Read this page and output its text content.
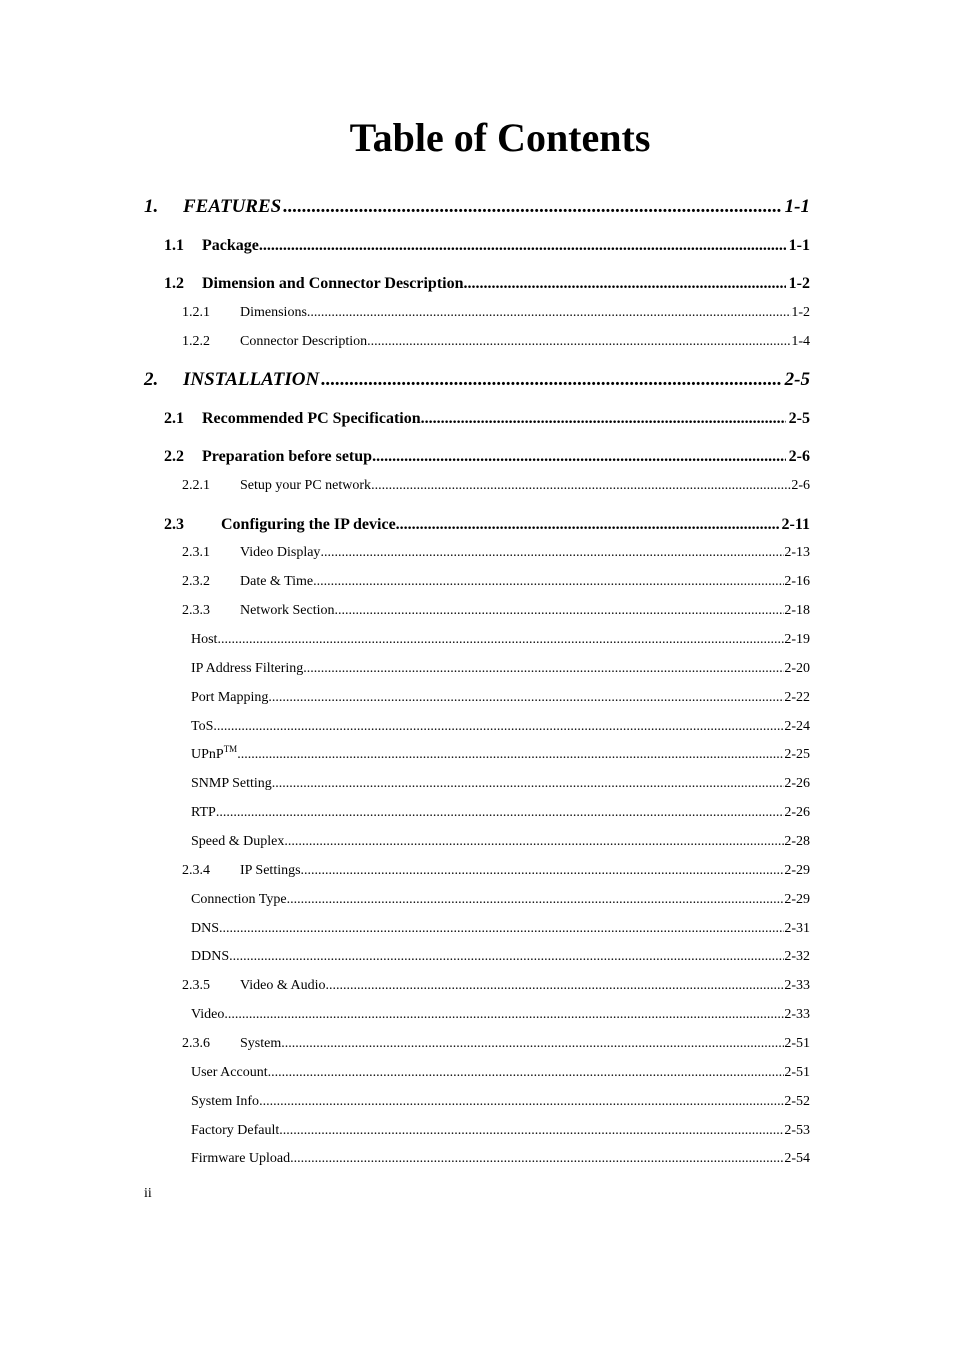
Table of Contents
1.	FEATURES .....	1-1
1.1	Package .....	1-1
1.2	Dimension and Connector Description .....	1-2
1.2.1	Dimensions .....	1-2
1.2.2	Connector Description .....	1-4
2.	INSTALLATION .....	2-5
2.1	Recommended PC Specification .....	2-5
2.2	Preparation before setup .....	2-6
2.2.1	Setup your PC network .....	2-6
2.3	Configuring the IP device .....	2-11
2.3.1	Video Display .....	2-13
2.3.2	Date & Time .....	2-16
2.3.3	Network Section .....	2-18
Host .....	2-19
IP Address Filtering .....	2-20
Port Mapping .....	2-22
ToS .....	2-24
UPnP™ .....	2-25
SNMP Setting .....	2-26
RTP .....	2-26
Speed & Duplex .....	2-28
2.3.4	IP Settings .....	2-29
Connection Type .....	2-29
DNS .....	2-31
DDNS .....	2-32
2.3.5	Video & Audio .....	2-33
Video .....	2-33
2.3.6	System .....	2-51
User Account .....	2-51
System Info .....	2-52
Factory Default .....	2-53
Firmware Upload .....	2-54
ii
